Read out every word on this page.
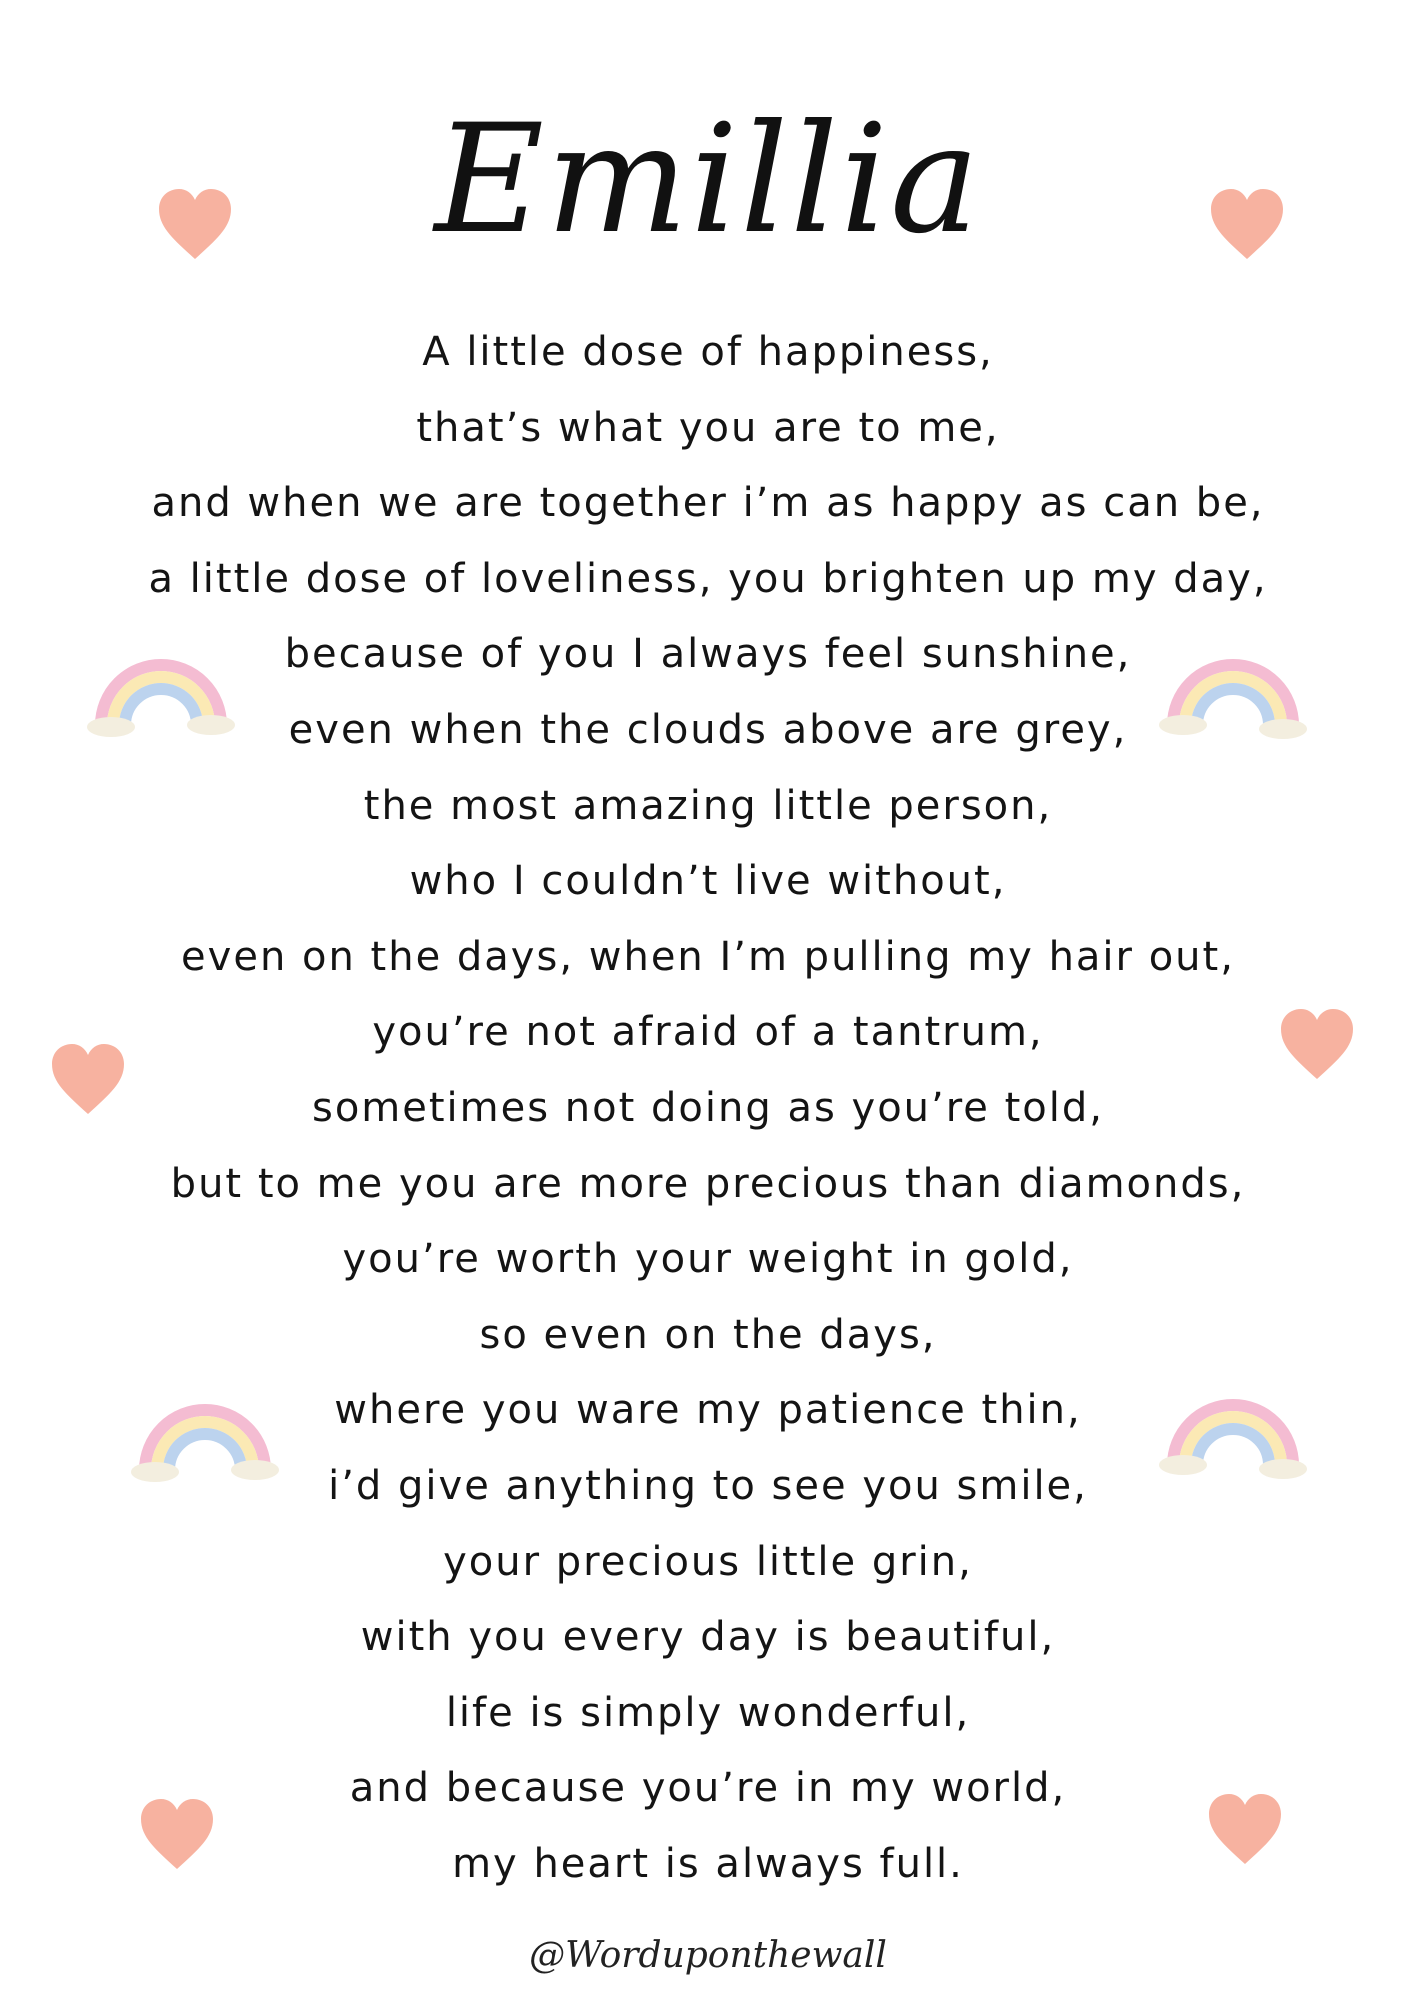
Emillia
A little dose of happiness,
that’s what you are to me,
and when we are together i’m as happy as can be,
a little dose of loveliness, you brighten up my day,
because of you I always feel sunshine,
even when the clouds above are grey,
the most amazing little person,
who I couldn’t live without,
even on the days, when I’m pulling my hair out,
you’re not afraid of a tantrum,
sometimes not doing as you’re told,
but to me you are more precious than diamonds,
you’re worth your weight in gold,
so even on the days,
where you ware my patience thin,
i’d give anything to see you smile,
your precious little grin,
with you every day is beautiful,
life is simply wonderful,
and because you’re in my world,
my heart is always full.
@Worduponthewall
